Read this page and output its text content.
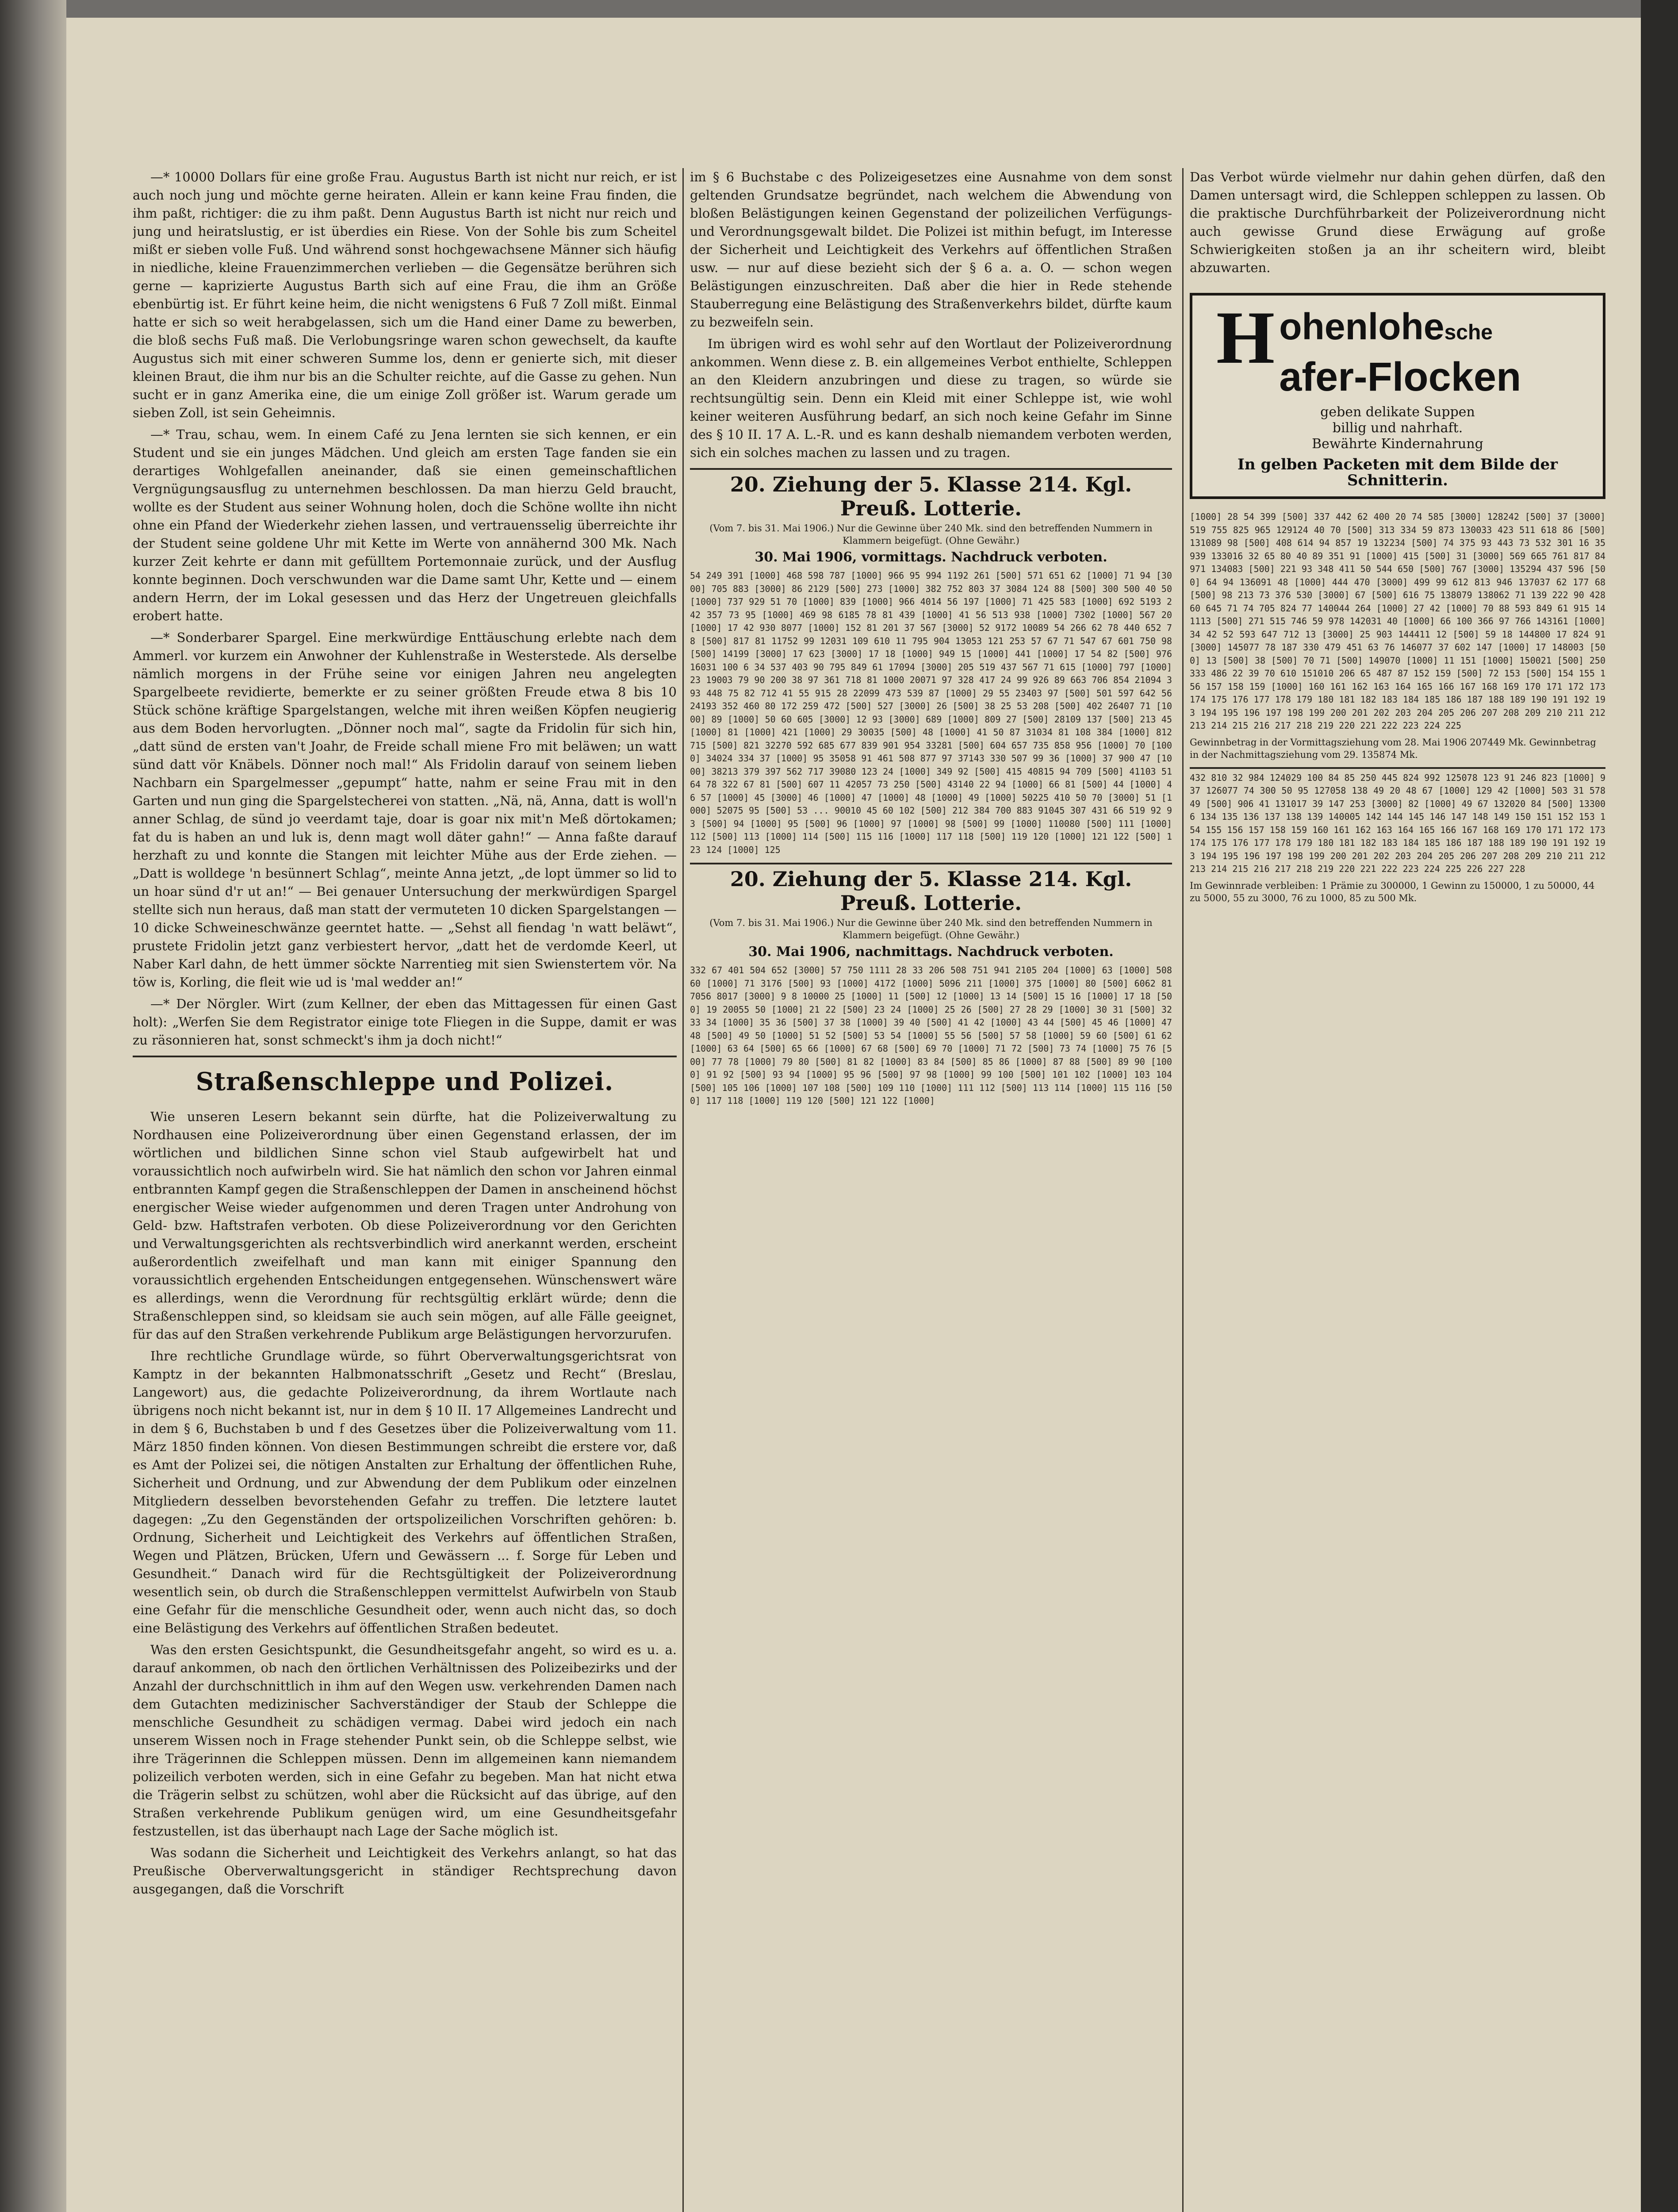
—* 10000 Dollars für eine große Frau. Augustus Barth ist nicht nur reich, er ist auch noch jung und möchte gerne heiraten. Allein er kann keine Frau finden, die ihm paßt, richtiger: die zu ihm paßt. Denn Augustus Barth ist nicht nur reich und jung und heiratslustig, er ist überdies ein Riese. Von der Sohle bis zum Scheitel mißt er sieben volle Fuß. Und während sonst hochgewachsene Männer sich häufig in niedliche, kleine Frauenzimmerchen verlieben — die Gegensätze berühren sich gerne — kaprizierte Augustus Barth sich auf eine Frau, die ihm an Größe ebenbürtig ist. Er führt keine heim, die nicht wenigstens 6 Fuß 7 Zoll mißt. Einmal hatte er sich so weit herabgelassen, sich um die Hand einer Dame zu bewerben, die bloß sechs Fuß maß. Die Verlobungsringe waren schon gewechselt, da kaufte Augustus sich mit einer schweren Summe los, denn er genierte sich, mit dieser kleinen Braut, die ihm nur bis an die Schulter reichte, auf die Gasse zu gehen. Nun sucht er in ganz Amerika eine, die um einige Zoll größer ist. Warum gerade um sieben Zoll, ist sein Geheimnis.

—* Trau, schau, wem. In einem Café zu Jena lernten sie sich kennen, er ein Student und sie ein junges Mädchen. Und gleich am ersten Tage fanden sie ein derartiges Wohlgefallen aneinander, daß sie einen gemeinschaftlichen Vergnügungsausflug zu unternehmen beschlossen. Da man hierzu Geld braucht, wollte es der Student aus seiner Wohnung holen, doch die Schöne wollte ihn nicht ohne ein Pfand der Wiederkehr ziehen lassen, und vertrauensselig überreichte ihr der Student seine goldene Uhr mit Kette im Werte von annähernd 300 Mk. Nach kurzer Zeit kehrte er dann mit gefülltem Portemonnaie zurück, und der Ausflug konnte beginnen. Doch verschwunden war die Dame samt Uhr, Kette und — einem andern Herrn, der im Lokal gesessen und das Herz der Ungetreuen gleichfalls erobert hatte.

—* Sonderbarer Spargel. Eine merkwürdige Enttäuschung erlebte nach dem Ammerl. vor kurzem ein Anwohner der Kuhlenstraße in Westerstede. Als derselbe nämlich morgens in der Frühe seine vor einigen Jahren neu angelegten Spargelbeete revidierte, bemerkte er zu seiner größten Freude etwa 8 bis 10 Stück schöne kräftige Spargelstangen, welche mit ihren weißen Köpfen neugierig aus dem Boden hervorlugten. „Dönner noch mal“, sagte da Fridolin für sich hin, „datt sünd de ersten van't Joahr, de Freide schall miene Fro mit beläwen; un watt sünd datt vör Knäbels. Dönner noch mal!“ Als Fridolin darauf von seinem lieben Nachbarn ein Spargelmesser „gepumpt“ hatte, nahm er seine Frau mit in den Garten und nun ging die Spargelstecherei von statten. „Nä, nä, Anna, datt is woll'n anner Schlag, de sünd jo veerdamt taje, doar is goar nix mit'n Meß dörtokamen; fat du is haben an und luk is, denn magt woll däter gahn!“ — Anna faßte darauf herzhaft zu und konnte die Stangen mit leichter Mühe aus der Erde ziehen. — „Datt is wolldege 'n besünnert Schlag“, meinte Anna jetzt, „de lopt ümmer so lid to un hoar sünd d'r ut an!“ — Bei genauer Untersuchung der merkwürdigen Spargel stellte sich nun heraus, daß man statt der vermuteten 10 dicken Spargelstangen — 10 dicke Schweineschwänze geerntet hatte. — „Sehst all fiendag 'n watt beläwt“, prustete Fridolin jetzt ganz verbiestert hervor, „datt het de verdomde Keerl, ut Naber Karl dahn, de hett ümmer söckte Narrentieg mit sien Swienstertem vör. Na töw is, Korling, die fleit wie ud is 'mal wedder an!“

—* Der Nörgler. Wirt (zum Kellner, der eben das Mittagessen für einen Gast holt): „Werfen Sie dem Registrator einige tote Fliegen in die Suppe, damit er was zu räsonnieren hat, sonst schmeckt's ihm ja doch nicht!“

Straßenschleppe und Polizei.

Wie unseren Lesern bekannt sein dürfte, hat die Polizeiverwaltung zu Nordhausen eine Polizeiverordnung über einen Gegenstand erlassen, der im wörtlichen und bildlichen Sinne schon viel Staub aufgewirbelt hat und voraussichtlich noch aufwirbeln wird. Sie hat nämlich den schon vor Jahren einmal entbrannten Kampf gegen die Straßenschleppen der Damen in anscheinend höchst energischer Weise wieder aufgenommen und deren Tragen unter Androhung von Geld- bzw. Haftstrafen verboten. Ob diese Polizeiverordnung vor den Gerichten und Verwaltungsgerichten als rechtsverbindlich wird anerkannt werden, erscheint außerordentlich zweifelhaft und man kann mit einiger Spannung den voraussichtlich ergehenden Entscheidungen entgegensehen. Wünschenswert wäre es allerdings, wenn die Verordnung für rechtsgültig erklärt würde; denn die Straßenschleppen sind, so kleidsam sie auch sein mögen, auf alle Fälle geeignet, für das auf den Straßen verkehrende Publikum arge Belästigungen hervorzurufen.

Ihre rechtliche Grundlage würde, so führt Oberverwaltungsgerichtsrat von Kamptz in der bekannten Halbmonatsschrift „Gesetz und Recht“ (Breslau, Langewort) aus, die gedachte Polizeiverordnung, da ihrem Wortlaute nach übrigens noch nicht bekannt ist, nur in dem § 10 II. 17 Allgemeines Landrecht und in dem § 6, Buchstaben b und f des Gesetzes über die Polizeiverwaltung vom 11. März 1850 finden können. Von diesen Bestimmungen schreibt die erstere vor, daß es Amt der Polizei sei, die nötigen Anstalten zur Erhaltung der öffentlichen Ruhe, Sicherheit und Ordnung, und zur Abwendung der dem Publikum oder einzelnen Mitgliedern desselben bevorstehenden Gefahr zu treffen. Die letztere lautet dagegen: „Zu den Gegenständen der ortspolizeilichen Vorschriften gehören: b. Ordnung, Sicherheit und Leichtigkeit des Verkehrs auf öffentlichen Straßen, Wegen und Plätzen, Brücken, Ufern und Gewässern ... f. Sorge für Leben und Gesundheit.“ Danach wird für die Rechtsgültigkeit der Polizeiverordnung wesentlich sein, ob durch die Straßenschleppen vermittelst Aufwirbeln von Staub eine Gefahr für die menschliche Gesundheit oder, wenn auch nicht das, so doch eine Belästigung des Verkehrs auf öffentlichen Straßen bedeutet.

Was den ersten Gesichtspunkt, die Gesundheitsgefahr angeht, so wird es u. a. darauf ankommen, ob nach den örtlichen Verhältnissen des Polizeibezirks und der Anzahl der durchschnittlich in ihm auf den Wegen usw. verkehrenden Damen nach dem Gutachten medizinischer Sachverständiger der Staub der Schleppe die menschliche Gesundheit zu schädigen vermag. Dabei wird jedoch ein nach unserem Wissen noch in Frage stehender Punkt sein, ob die Schleppe selbst, wie ihre Trägerinnen die Schleppen müssen. Denn im allgemeinen kann niemandem polizeilich verboten werden, sich in eine Gefahr zu begeben. Man hat nicht etwa die Trägerin selbst zu schützen, wohl aber die Rücksicht auf das übrige, auf den Straßen verkehrende Publikum genügen wird, um eine Gesundheitsgefahr festzustellen, ist das überhaupt nach Lage der Sache möglich ist.

Was sodann die Sicherheit und Leichtigkeit des Verkehrs anlangt, so hat das Preußische Oberverwaltungsgericht in ständiger Rechtsprechung davon ausgegangen, daß die Vorschrift

im § 6 Buchstabe c des Polizeigesetzes eine Ausnahme von dem sonst geltenden Grundsatze begründet, nach welchem die Abwendung von bloßen Belästigungen keinen Gegenstand der polizeilichen Verfügungs- und Verordnungsgewalt bildet. Die Polizei ist mithin befugt, im Interesse der Sicherheit und Leichtigkeit des Verkehrs auf öffentlichen Straßen usw. — nur auf diese bezieht sich der § 6 a. a. O. — schon wegen Belästigungen einzuschreiten. Daß aber die hier in Rede stehende Stauberregung eine Belästigung des Straßenverkehrs bildet, dürfte kaum zu bezweifeln sein.

Im übrigen wird es wohl sehr auf den Wortlaut der Polizeiverordnung ankommen. Wenn diese z. B. ein allgemeines Verbot enthielte, Schleppen an den Kleidern anzubringen und diese zu tragen, so würde sie rechtsungültig sein. Denn ein Kleid mit einer Schleppe ist, wie wohl keiner weiteren Ausführung bedarf, an sich noch keine Gefahr im Sinne des § 10 II. 17 A. L.-R. und es kann deshalb niemandem verboten werden, sich ein solches machen zu lassen und zu tragen.

20. Ziehung der 5. Klasse 214. Kgl. Preuß. Lotterie.
(Vom 7. bis 31. Mai 1906.) Nur die Gewinne über 240 Mk. sind den betreffenden Nummern in Klammern beigefügt. (Ohne Gewähr.)
30. Mai 1906, vormittags. Nachdruck verboten.

54 249 391 [1000] 468 598 787 [1000] 966 95 994 1192 261 [500] 571 651 62 [1000] 71 94 [3000] 705 883 [3000] 86 2129 [500] 273 [1000] 382 752 803 37 3084 124 88 [500] 300 500 40 50 [1000] 737 929 51 70 [1000] 839 [1000] 966 4014 56 197 [1000] 71 425 583 [1000] 692 5193 242 357 73 95 [1000] 469 98 6185 78 81 439 [1000] 41 56 513 938 [1000] 7302 [1000] 567 20 [1000] 17 42 930 8077 [1000] 152 81 201 37 567 [3000] 52 9172 10089 54 266 62 78 440 652 78 [500] 817 81 11752 99 12031 109 610 11 795 904 13053 121 253 57 67 71 547 67 601 750 98 [500] 14199 [3000] 17 623 [3000] 17 18 [1000] 949 15 [1000] 441 [1000] 17 54 82 [500] 976 16031 100 6 34 537 403 90 795 849 61 17094 [3000] 205 519 437 567 71 615 [1000] 797 [1000] 23 19003 79 90 200 38 97 361 718 81 1000 20071 97 328 417 24 99 926 89 663 706 854 21094 393 448 75 82 712 41 55 915 28 22099 473 539 87 [1000] 29 55 23403 97 [500] 501 597 642 56 24193 352 460 80 172 259 472 [500] 527 [3000] 26 [500] 38 25 53 208 [500] 402 26407 71 [1000] 89 [1000] 50 60 605 [3000] 12 93 [3000] 689 [1000] 809 27 [500] 28109 137 [500] 213 45 [1000] 81 [1000] 421 [1000] 29 30035 [500] 48 [1000] 41 50 87 31034 81 108 384 [1000] 812 715 [500] 821 32270 592 685 677 839 901 954 33281 [500] 604 657 735 858 956 [1000] 70 [1000] 34024 334 37 [1000] 95 35058 91 461 508 877 97 37143 330 507 99 36 [1000] 37 900 47 [1000] 38213 379 397 562 717 39080 123 24 [1000] 349 92 [500] 415 40815 94 709 [500] 41103 51 64 78 322 67 81 [500] 607 11 42057 73 250 [500] 43140 22 94 [1000] 66 81 [500] 44 [1000] 46 57 [1000] 45 [3000] 46 [1000] 47 [1000] 48 [1000] 49 [1000] 50225 410 50 70 [3000] 51 [1000] 52075 95 [500] 53 ... 90010 45 60 102 [500] 212 384 700 883 91045 307 431 66 519 92 93 [500] 94 [1000] 95 [500] 96 [1000] 97 [1000] 98 [500] 99 [1000] 110080 [500] 111 [1000] 112 [500] 113 [1000] 114 [500] 115 116 [1000] 117 118 [500] 119 120 [1000] 121 122 [500] 123 124 [1000] 125

20. Ziehung der 5. Klasse 214. Kgl. Preuß. Lotterie.
(Vom 7. bis 31. Mai 1906.) Nur die Gewinne über 240 Mk. sind den betreffenden Nummern in Klammern beigefügt. (Ohne Gewähr.)
30. Mai 1906, nachmittags. Nachdruck verboten.

332 67 401 504 652 [3000] 57 750 1111 28 33 206 508 751 941 2105 204 [1000] 63 [1000] 508 60 [1000] 71 3176 [500] 93 [1000] 4172 [1000] 5096 211 [1000] 375 [1000] 80 [500] 6062 81 7056 8017 [3000] 9 8 10000 25 [1000] 11 [500] 12 [1000] 13 14 [500] 15 16 [1000] 17 18 [500] 19 20055 50 [1000] 21 22 [500] 23 24 [1000] 25 26 [500] 27 28 29 [1000] 30 31 [500] 32 33 34 [1000] 35 36 [500] 37 38 [1000] 39 40 [500] 41 42 [1000] 43 44 [500] 45 46 [1000] 47 48 [500] 49 50 [1000] 51 52 [500] 53 54 [1000] 55 56 [500] 57 58 [1000] 59 60 [500] 61 62 [1000] 63 64 [500] 65 66 [1000] 67 68 [500] 69 70 [1000] 71 72 [500] 73 74 [1000] 75 76 [500] 77 78 [1000] 79 80 [500] 81 82 [1000] 83 84 [500] 85 86 [1000] 87 88 [500] 89 90 [1000] 91 92 [500] 93 94 [1000] 95 96 [500] 97 98 [1000] 99 100 [500] 101 102 [1000] 103 104 [500] 105 106 [1000] 107 108 [500] 109 110 [1000] 111 112 [500] 113 114 [1000] 115 116 [500] 117 118 [1000] 119 120 [500] 121 122 [1000]

Das Verbot würde vielmehr nur dahin gehen dürfen, daß den Damen untersagt wird, die Schleppen schleppen zu lassen. Ob die praktische Durchführbarkeit der Polizeiverordnung nicht auch gewisse Grund diese Erwägung auf große Schwierigkeiten stoßen ja an ihr scheitern wird, bleibt abzuwarten.

H ohenlohesche
afer-Flocken
geben delikate Suppen
billig und nahrhaft.
Bewährte Kindernahrung
In gelben Packeten mit dem Bilde der Schnitterin.

[1000] 28 54 399 [500] 337 442 62 400 20 74 585 [3000] 128242 [500] 37 [3000] 519 755 825 965 129124 40 70 [500] 313 334 59 873 130033 423 511 618 86 [500] 131089 98 [500] 408 614 94 857 19 132234 [500] 74 375 93 443 73 532 301 16 35 939 133016 32 65 80 40 89 351 91 [1000] 415 [500] 31 [3000] 569 665 761 817 84 971 134083 [500] 221 93 348 411 50 544 650 [500] 767 [3000] 135294 437 596 [500] 64 94 136091 48 [1000] 444 470 [3000] 499 99 612 813 946 137037 62 177 68 [500] 98 213 73 376 530 [3000] 67 [500] 616 75 138079 138062 71 139 222 90 428 60 645 71 74 705 824 77 140044 264 [1000] 27 42 [1000] 70 88 593 849 61 915 141113 [500] 271 515 746 59 978 142031 40 [1000] 66 100 366 97 766 143161 [1000] 34 42 52 593 647 712 13 [3000] 25 903 144411 12 [500] 59 18 144800 17 824 91 [3000] 145077 78 187 330 479 451 63 76 146077 37 602 147 [1000] 17 148003 [500] 13 [500] 38 [500] 70 71 [500] 149070 [1000] 11 151 [1000] 150021 [500] 250 333 486 22 39 70 610 151010 206 65 487 87 152 159 [500] 72 153 [500] 154 155 156 157 158 159 [1000] 160 161 162 163 164 165 166 167 168 169 170 171 172 173 174 175 176 177 178 179 180 181 182 183 184 185 186 187 188 189 190 191 192 193 194 195 196 197 198 199 200 201 202 203 204 205 206 207 208 209 210 211 212 213 214 215 216 217 218 219 220 221 222 223 224 225

Gewinnbetrag in der Vormittagsziehung vom 28. Mai 1906 207449 Mk. Gewinnbetrag in der Nachmittagsziehung vom 29. 135874 Mk.

432 810 32 984 124029 100 84 85 250 445 824 992 125078 123 91 246 823 [1000] 937 126077 74 300 50 95 127058 138 49 20 48 67 [1000] 129 42 [1000] 503 31 578 49 [500] 906 41 131017 39 147 253 [3000] 82 [1000] 49 67 132020 84 [500] 133006 134 135 136 137 138 139 140005 142 144 145 146 147 148 149 150 151 152 153 154 155 156 157 158 159 160 161 162 163 164 165 166 167 168 169 170 171 172 173 174 175 176 177 178 179 180 181 182 183 184 185 186 187 188 189 190 191 192 193 194 195 196 197 198 199 200 201 202 203 204 205 206 207 208 209 210 211 212 213 214 215 216 217 218 219 220 221 222 223 224 225 226 227 228

Im Gewinnrade verbleiben: 1 Prämie zu 300000, 1 Gewinn zu 150000, 1 zu 50000, 44 zu 5000, 55 zu 3000, 76 zu 1000, 85 zu 500 Mk.
